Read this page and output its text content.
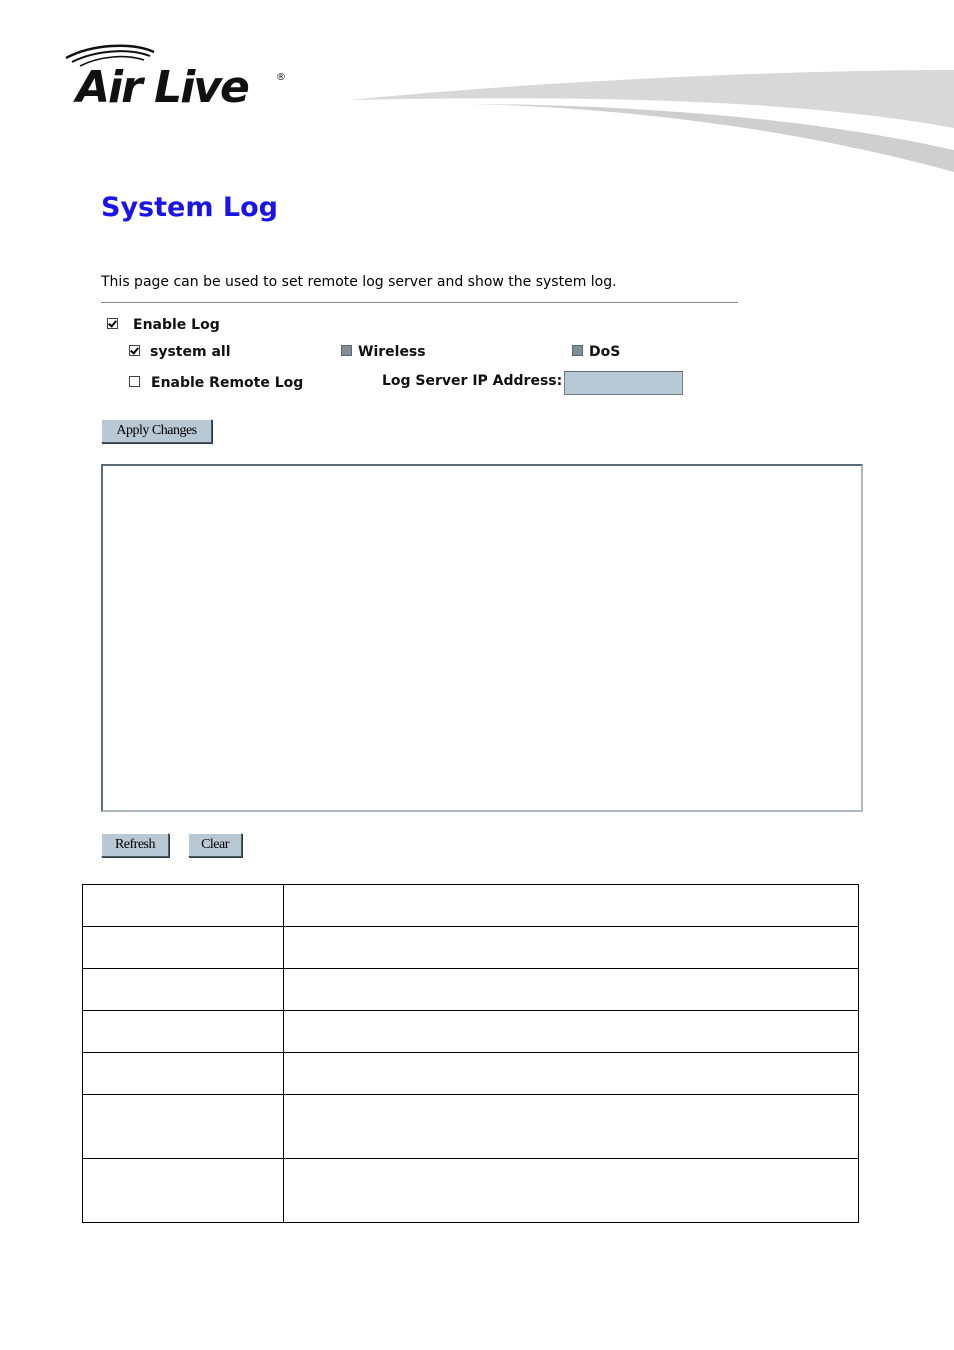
Air Live	®
System Log
This page can be used to set remote log server and show the system log.
Enable Log
system all	Wireless	DoS
Enable Remote Log	Log Server IP Address:
Apply Changes
Refresh	Clear
